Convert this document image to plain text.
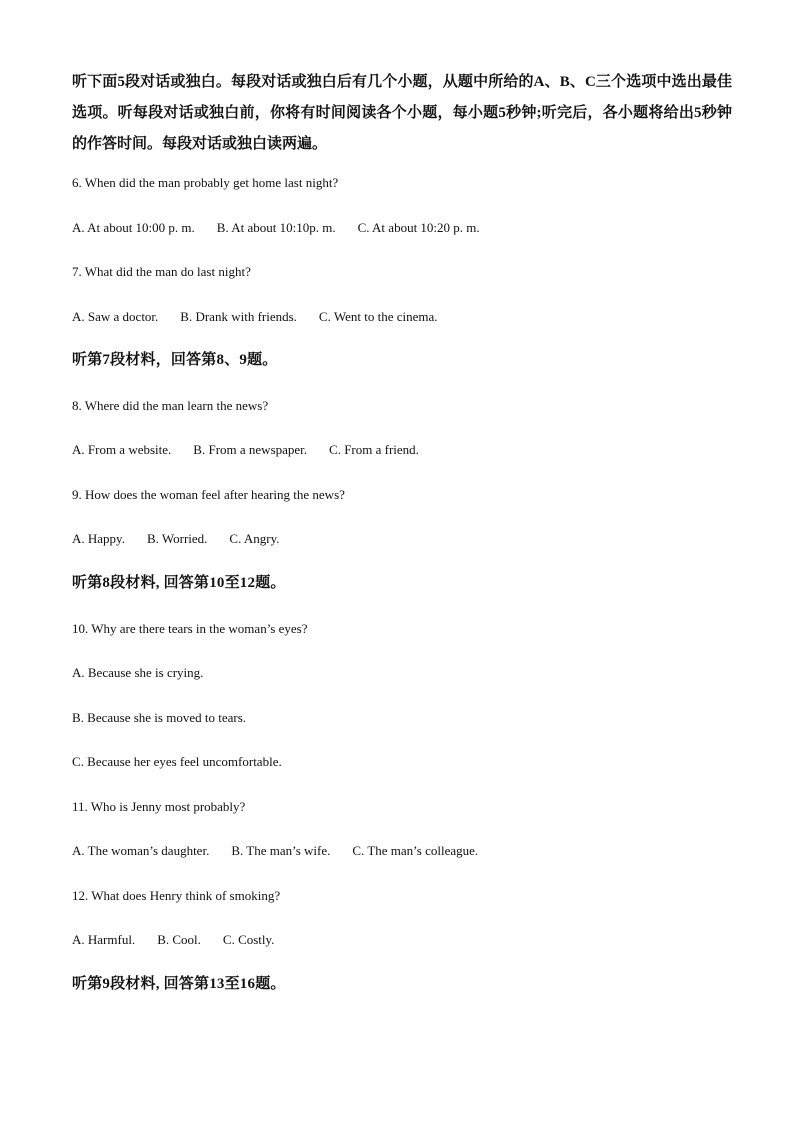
听下面5段对话或独白。每段对话或独白后有几个小题，从题中所给的A、B、C三个选项中选出最佳选项。听每段对话或独白前，你将有时间阅读各个小题，每小题5秒钟;听完后，各小题将给出5秒钟的作答时间。每段对话或独白读两遍。
6. When did the man probably get home last night?
A. At about 10:00 p. m. B. At about 10:10p. m. C. At about 10:20 p. m.
7. What did the man do last night?
A. Saw a doctor. B. Drank with friends. C. Went to the cinema.
听第7段材料，回答第8、9题。
8. Where did the man learn the news?
A. From a website. B. From a newspaper. C. From a friend.
9. How does the woman feel after hearing the news?
A. Happy. B. Worried. C. Angry.
听第8段材料, 回答第10至12题。
10. Why are there tears in the woman’s eyes?
A. Because she is crying.
B. Because she is moved to tears.
C. Because her eyes feel uncomfortable.
11. Who is Jenny most probably?
A. The woman’s daughter. B. The man’s wife. C. The man’s colleague.
12. What does Henry think of smoking?
A. Harmful. B. Cool. C. Costly.
听第9段材料, 回答第13至16题。
